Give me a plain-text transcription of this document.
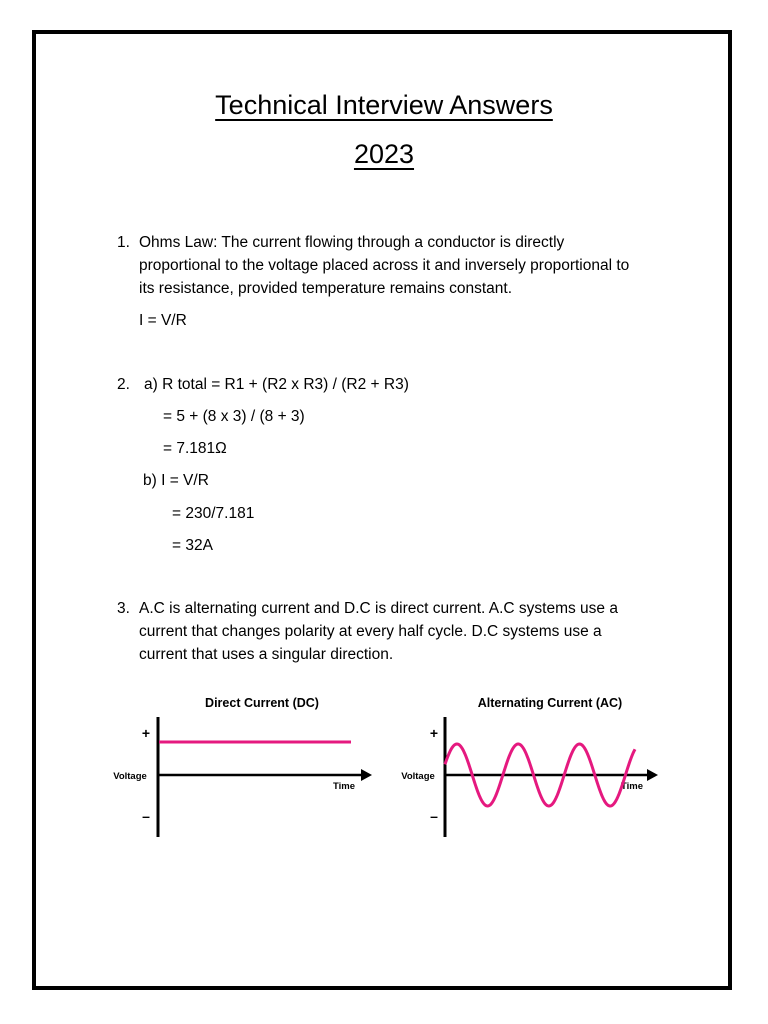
Technical Interview Answers
2023
1. Ohms Law: The current flowing through a conductor is directly
proportional to the voltage placed across it and inversely proportional to
its resistance, provided temperature remains constant.
I = V/R
2. a) R total = R1 + (R2 x R3) / (R2 + R3)
= 5 + (8 x 3) / (8 + 3)
= 7.181Ω
b) I = V/R
= 230/7.181
= 32A
3. A.C is alternating current and D.C is direct current. A.C systems use a
current that changes polarity at every half cycle. D.C systems use a
current that uses a singular direction.
Direct Current (DC)
+
–
Voltage
Time
Alternating Current (AC)
+
–
Voltage
Time
